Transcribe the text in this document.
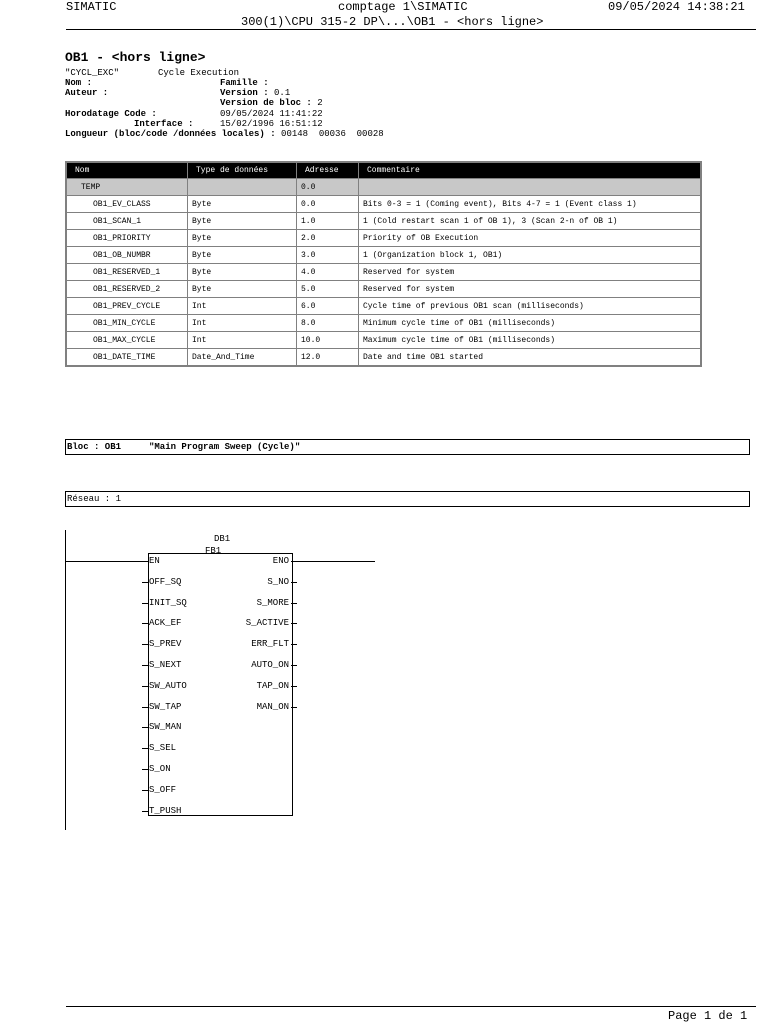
SIMATIC	comptage 1\SIMATIC	09/05/2024 14:38:21
300(1)\CPU 315-2 DP\...\OB1 - <hors ligne>
OB1 - <hors ligne>
"CYCL_EXC"	Cycle Execution
Nom :	Famille :
Auteur :	Version : 0.1
Version de bloc : 2
Horodatage Code :	09/05/2024 11:41:22
Interface :	15/02/1996 16:51:12
Longueur (bloc/code /données locales) : 00148  00036  00028
Nom	Type de données	Adresse	Commentaire
TEMP		0.0	
OB1_EV_CLASS	Byte	0.0	Bits 0-3 = 1 (Coming event), Bits 4-7 = 1 (Event class 1)
OB1_SCAN_1	Byte	1.0	1 (Cold restart scan 1 of OB 1), 3 (Scan 2-n of OB 1)
OB1_PRIORITY	Byte	2.0	Priority of OB Execution
OB1_OB_NUMBR	Byte	3.0	1 (Organization block 1, OB1)
OB1_RESERVED_1	Byte	4.0	Reserved for system
OB1_RESERVED_2	Byte	5.0	Reserved for system
OB1_PREV_CYCLE	Int	6.0	Cycle time of previous OB1 scan (milliseconds)
OB1_MIN_CYCLE	Int	8.0	Minimum cycle time of OB1 (milliseconds)
OB1_MAX_CYCLE	Int	10.0	Maximum cycle time of OB1 (milliseconds)
OB1_DATE_TIME	Date_And_Time	12.0	Date and time OB1 started
Bloc : OB1	"Main Program Sweep (Cycle)"
Réseau : 1
DB1
FB1
EN
OFF_SQ
INIT_SQ
ACK_EF
S_PREV
S_NEXT
SW_AUTO
SW_TAP
SW_MAN
S_SEL
S_ON
S_OFF
T_PUSH
ENO
S_NO
S_MORE
S_ACTIVE
ERR_FLT
AUTO_ON
TAP_ON
MAN_ON
Page 1 de 1
